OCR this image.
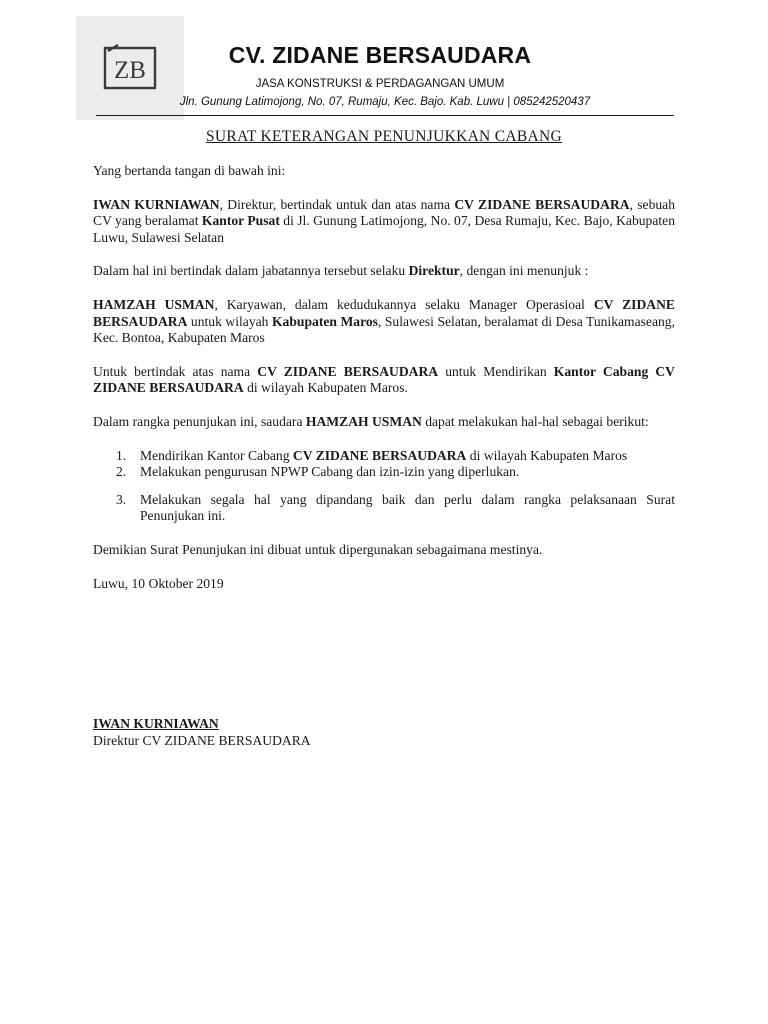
ZB
CV. ZIDANE BERSAUDARA
JASA KONSTRUKSI & PERDAGANGAN UMUM
Jln. Gunung Latimojong, No. 07, Rumaju, Kec. Bajo. Kab. Luwu | 085242520437
SURAT KETERANGAN PENUNJUKKAN CABANG

Yang bertanda tangan di bawah ini:

IWAN KURNIAWAN, Direktur, bertindak untuk dan atas nama CV ZIDANE BERSAUDARA, sebuah CV yang beralamat Kantor Pusat di Jl. Gunung Latimojong, No. 07, Desa Rumaju, Kec. Bajo, Kabupaten Luwu, Sulawesi Selatan

Dalam hal ini bertindak dalam jabatannya tersebut selaku Direktur, dengan ini menunjuk :

HAMZAH USMAN, Karyawan, dalam kedudukannya selaku Manager Operasioal CV ZIDANE BERSAUDARA untuk wilayah Kabupaten Maros, Sulawesi Selatan, beralamat di Desa Tunikamaseang, Kec. Bontoa, Kabupaten Maros

Untuk bertindak atas nama CV ZIDANE BERSAUDARA untuk Mendirikan Kantor Cabang CV ZIDANE BERSAUDARA di wilayah Kabupaten Maros.

Dalam rangka penunjukan ini, saudara HAMZAH USMAN dapat melakukan hal-hal sebagai berikut:

1.	Mendirikan Kantor Cabang CV ZIDANE BERSAUDARA di wilayah Kabupaten Maros
2.	Melakukan pengurusan NPWP Cabang dan izin-izin yang diperlukan.
3.	Melakukan segala hal yang dipandang baik dan perlu dalam rangka pelaksanaan Surat Penunjukan ini.

Demikian Surat Penunjukan ini dibuat untuk dipergunakan sebagaimana mestinya.

Luwu, 10 Oktober 2019

IWAN KURNIAWAN
Direktur CV ZIDANE BERSAUDARA
